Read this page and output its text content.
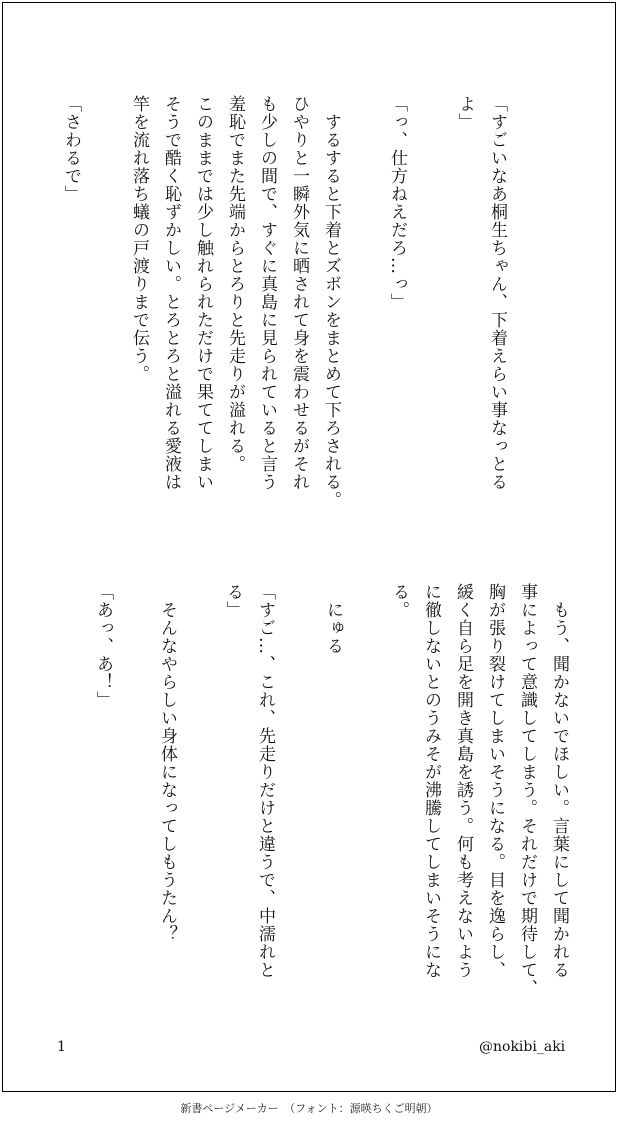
「すごいなあ桐生ちゃん、下着えらい事なっとる
よ」
「っ、仕方ねえだろ…っ」
　するすると下着とズボンをまとめて下ろされる。
ひやりと一瞬外気に晒されて身を震わせるがそれ
も少しの間で、すぐに真島に見られていると言う
羞恥でまた先端からとろりと先走りが溢れる。
このままでは少し触れられただけで果ててしまい
そうで酷く恥ずかしい。とろとろと溢れる愛液は
竿を流れ落ち蟻の戸渡りまで伝う。
「さわるで」
　もう、聞かないでほしい。言葉にして聞かれる
事によって意識してしまう。それだけで期待して、
胸が張り裂けてしまいそうになる。目を逸らし、
緩く自ら足を開き真島を誘う。何も考えないよう
に徹しないとのうみそが沸騰してしまいそうにな
る。
　にゅる
「すご…、これ、先走りだけと違うで、中濡れと
る」
　そんなやらしい身体になってしもうたん？
「あっ、あ！」
1	@nokibi_aki
新書ページメーカー　（フォント：源暎ちくご明朝）
